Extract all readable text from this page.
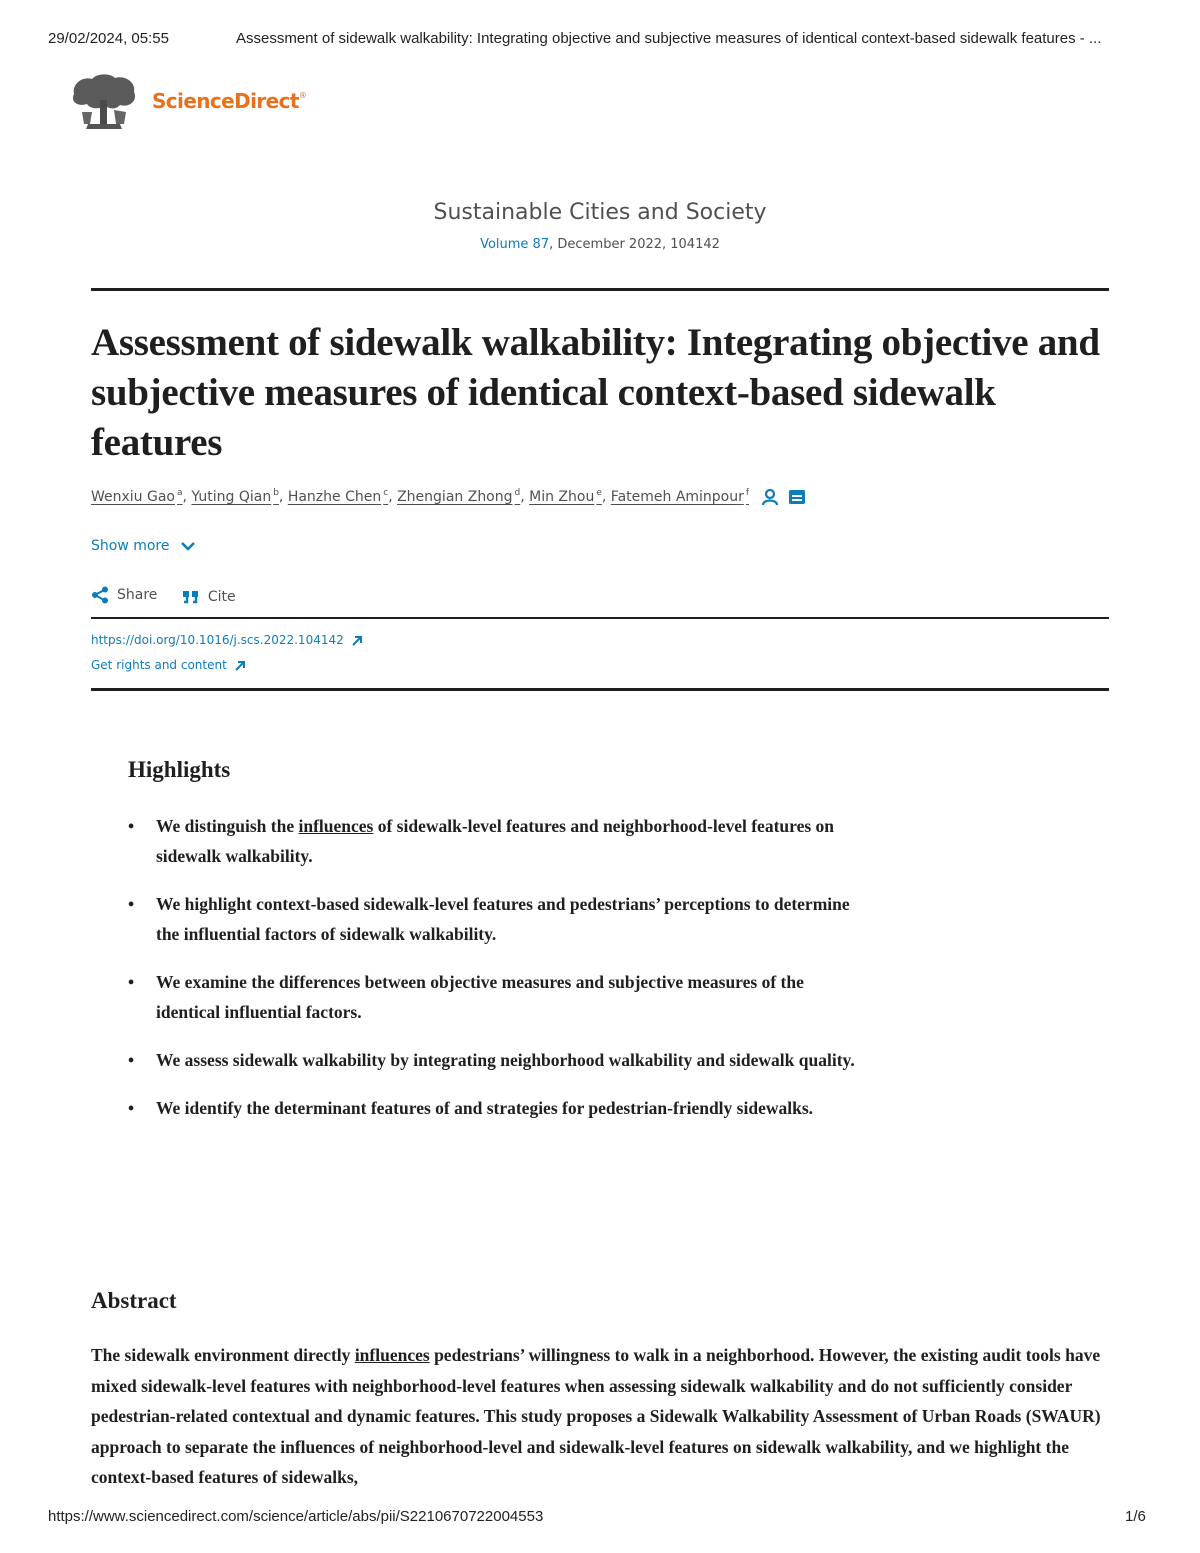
29/02/2024, 05:55	Assessment of sidewalk walkability: Integrating objective and subjective measures of identical context-based sidewalk features - ...
ScienceDirect®
Sustainable Cities and Society
Volume 87, December 2022, 104142
Assessment of sidewalk walkability: Integrating objective and subjective measures of identical context-based sidewalk features
Wenxiu Gao $^a$, Yuting Qian $^b$, Hanzhe Chen $^c$, Zhengian Zhong $^d$, Min Zhou $^e$, Fatemeh Aminpour $^f$
Show more
Share
	Cite
https://doi.org/10.1016/j.scs.2022.104142
Get rights and content
Highlights
• We distinguish the influences of sidewalk-level features and neighborhood-level features on sidewalk walkability.
• We highlight context-based sidewalk-level features and pedestrians’ perceptions to determine the influential factors of sidewalk walkability.
• We examine the differences between objective measures and subjective measures of the identical influential factors.
• We assess sidewalk walkability by integrating neighborhood walkability and sidewalk quality.
• We identify the determinant features of and strategies for pedestrian-friendly sidewalks.
Abstract
The sidewalk environment directly influences pedestrians’ willingness to walk in a neighborhood. However, the existing audit tools have mixed sidewalk-level features with neighborhood-level features when assessing sidewalk walkability and do not sufficiently consider pedestrian-related contextual and dynamic features. This study proposes a Sidewalk Walkability Assessment of Urban Roads (SWAUR) approach to separate the influences of neighborhood-level and sidewalk-level features on sidewalk walkability, and we highlight the context-based features of sidewalks,
https://www.sciencedirect.com/science/article/abs/pii/S2210670722004553	1/6
